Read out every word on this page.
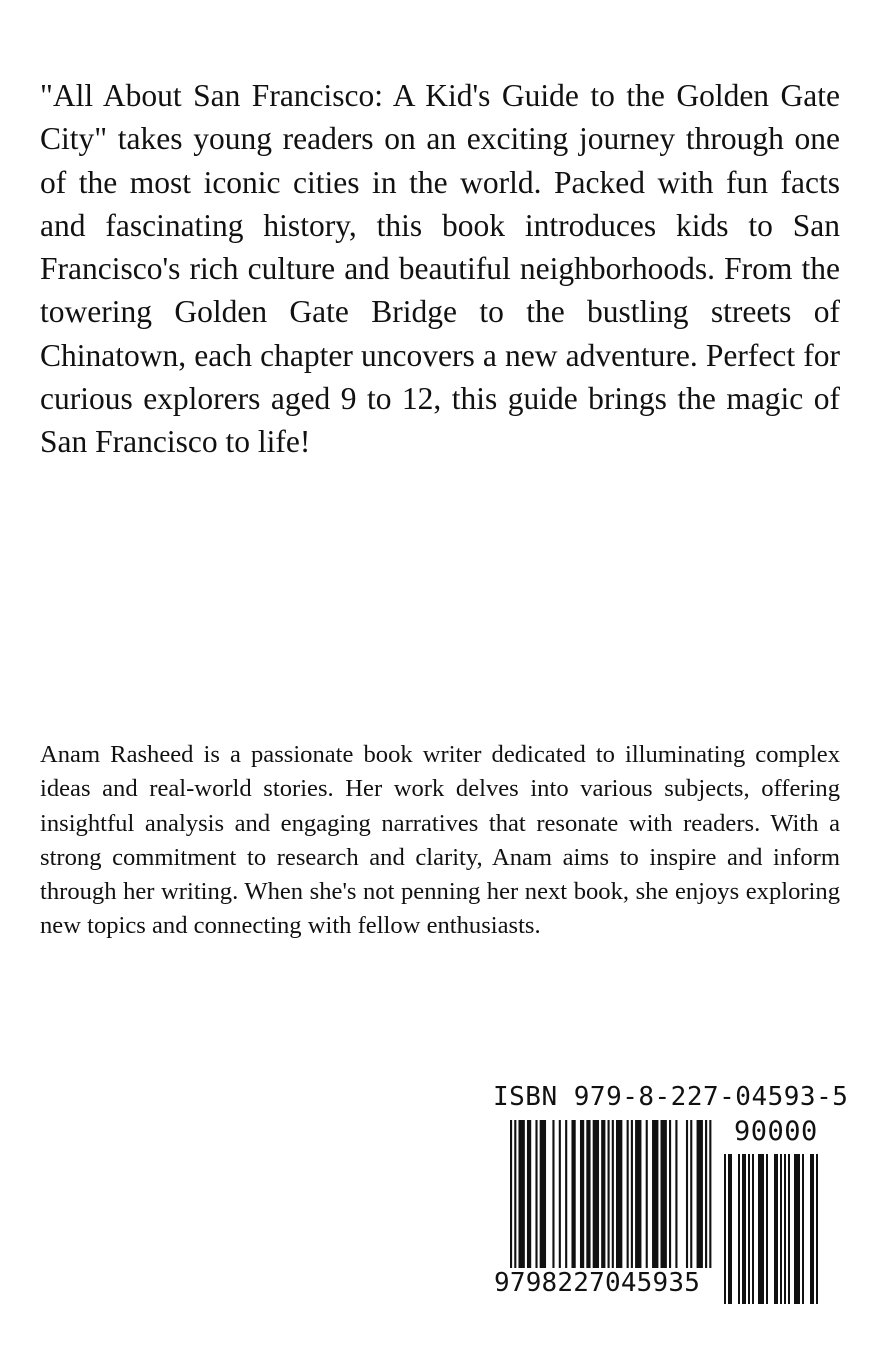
"All About San Francisco: A Kid's Guide to the Golden Gate City" takes young readers on an exciting journey through one of the most iconic cities in the world. Packed with fun facts and fascinating history, this book introduces kids to San Francisco's rich culture and beautiful neighborhoods. From the towering Golden Gate Bridge to the bustling streets of Chinatown, each chapter uncovers a new adventure. Perfect for curious explorers aged 9 to 12, this guide brings the magic of San Francisco to life!

Anam Rasheed is a passionate book writer dedicated to illuminating complex ideas and real-world stories. Her work delves into various subjects, offering insightful analysis and engaging narratives that resonate with readers. With a strong commitment to research and clarity, Anam aims to inspire and inform through her writing. When she's not penning her next book, she enjoys exploring new topics and connecting with fellow enthusiasts.

ISBN 979-8-227-04593-5
90000
9798227045935
